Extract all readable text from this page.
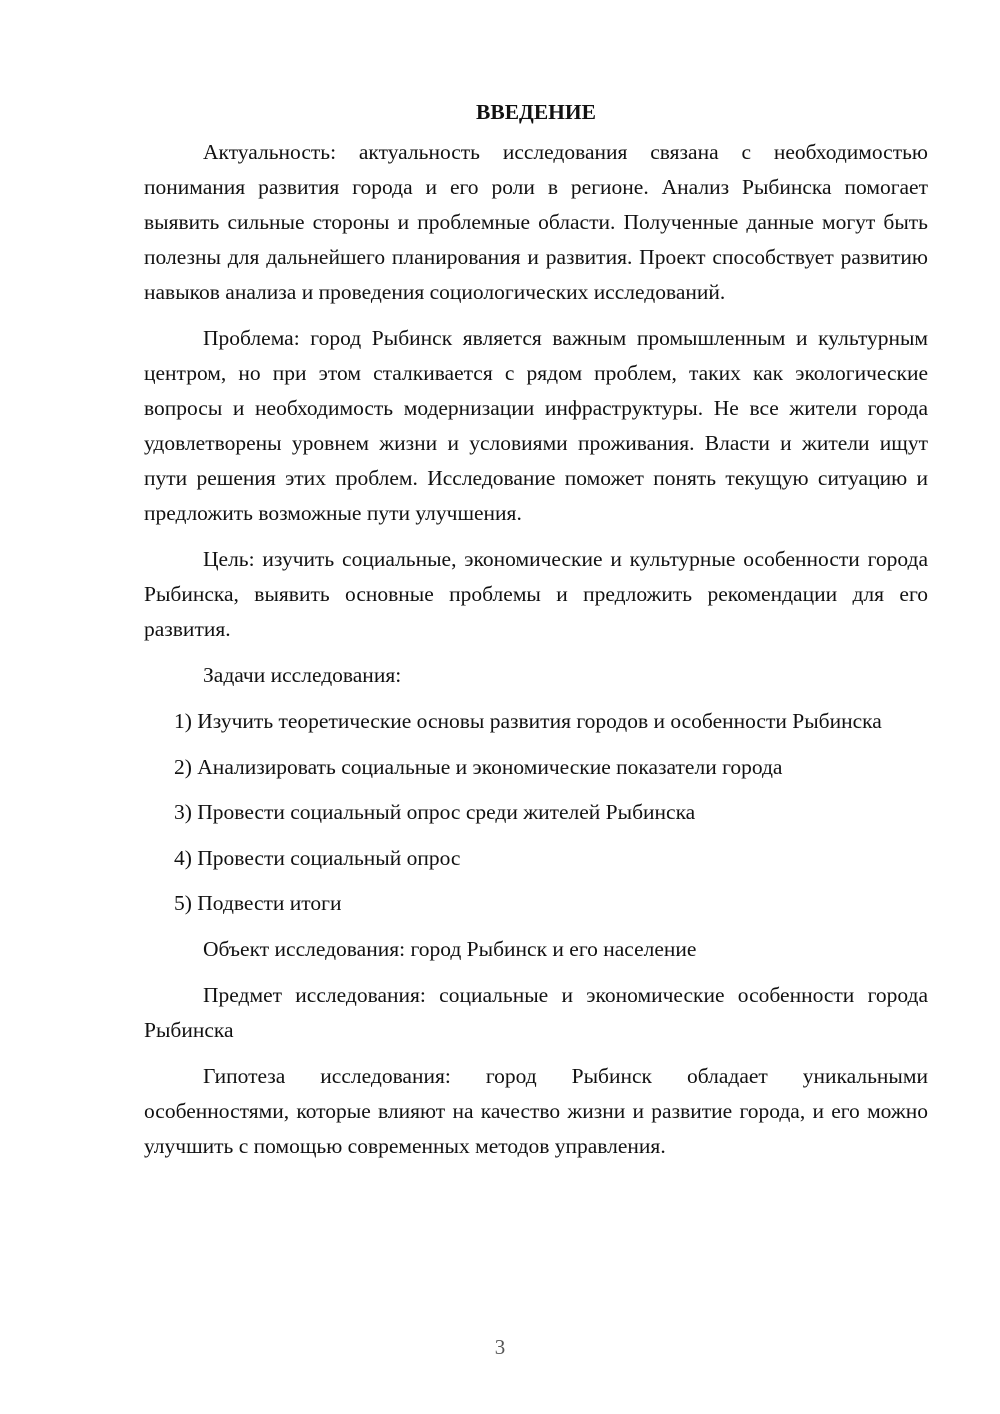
ВВЕДЕНИЕ

Актуальность: актуальность исследования связана с необходимостью понимания развития города и его роли в регионе. Анализ Рыбинска помогает выявить сильные стороны и проблемные области. Полученные данные могут быть полезны для дальнейшего планирования и развития. Проект способствует развитию навыков анализа и проведения социологических исследований.

Проблема: город Рыбинск является важным промышленным и культурным центром, но при этом сталкивается с рядом проблем, таких как экологические вопросы и необходимость модернизации инфраструктуры. Не все жители города удовлетворены уровнем жизни и условиями проживания. Власти и жители ищут пути решения этих проблем. Исследование поможет понять текущую ситуацию и предложить возможные пути улучшения.

Цель: изучить социальные, экономические и культурные особенности города Рыбинска, выявить основные проблемы и предложить рекомендации для его развития.

Задачи исследования:

1) Изучить теоретические основы развития городов и особенности Рыбинска

2) Анализировать социальные и экономические показатели города

3) Провести социальный опрос среди жителей Рыбинска

4) Провести социальный опрос

5) Подвести итоги

Объект исследования: город Рыбинск и его население

Предмет исследования: социальные и экономические особенности города Рыбинска

Гипотеза исследования: город Рыбинск обладает уникальными особенностями, которые влияют на качество жизни и развитие города, и его можно улучшить с помощью современных методов управления.

3
